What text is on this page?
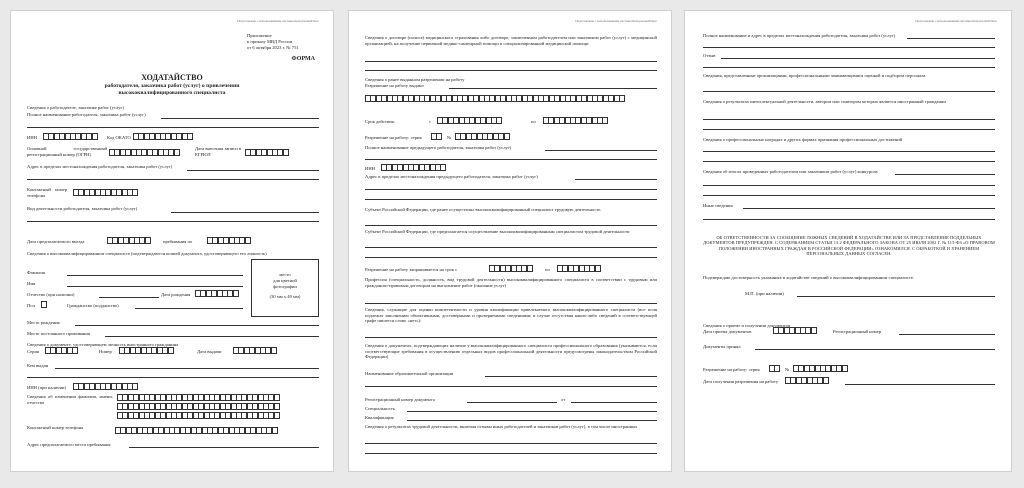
Подготовлено с использованием системы КонсультантПлюс
Приложение
к приказу МВД России
от 6 октября 2023 г. № 751
ФОРМА
ХОДАТАЙСТВО
работодателя, заказчика работ (услуг) о привлечении
высококвалифицированного специалиста
Сведения о работодателе, заказчике работ (услуг)
Полное наименование работодателя, заказчика работ (услуг)
ИНН	Код ОКАТО
Основной государственный регистрационный номер (ОГРН)
Дата внесения записи в ЕГРЮЛ
Адрес в пределах местонахождения работодателя, заказчика работ (услуг)
Контактный номер телефона
Вид деятельности работодателя, заказчика работ (услуг)
Дата предполагаемого въезда	пребывания по
Сведения о высококвалифицированном специалисте (подтверждаются копией документа, удостоверяющего его личность)
Фамилия
Имя
Отчество (при наличии)	Дата рождения
Пол	Гражданство (подданство)
место
для цветной
фотографии
(30 мм x 40 мм)
Место рождения
Место постоянного проживания
Сведения о документе, удостоверяющем личность иностранного гражданина
Серия	Номер	Дата выдачи
Кем выдан
ИНН (при наличии)
Сведения об изменении фамилии, имени, отчества
Контактный номер телефона
Адрес предполагаемого места пребывания
Подготовлено с использованием системы КонсультантПлюс
Сведения о договоре (полисе) медицинского страхования либо договоре, заключенном работодателем или заказчиком работ (услуг) с медицинской организацией, на получение первичной медико-санитарной помощи и специализированной медицинской помощи
Сведения о ранее выданном разрешении на работу
Разрешение на работу выдано
Срок действия:	с	по
Разрешение на работу: серия	№
Полное наименование предыдущего работодателя, заказчика работ (услуг)
ИНН
Адрес в пределах местонахождения предыдущего работодателя, заказчика работ (услуг)
Субъект Российской Федерации, где ранее осуществлял высококвалифицированный специалист трудовую деятельность
Субъект Российской Федерации, где предполагается осуществление высококвалифицированным специалистом трудовой деятельности
Разрешение на работу запрашивается на срок с	по
Профессия (специальность, должность, вид трудовой деятельности) высококвалифицированного специалиста в соответствии с трудовым или гражданско-правовым договором на выполнение работ (оказание услуг)
Сведения, служащие для оценки компетентности и уровня квалификации привлекаемого высококвалифицированного специалиста (все поля подлежат заполнению объективными, достоверными и проверяемыми сведениями; в случае отсутствия каких-либо сведений в соответствующей графе пишется слово «нет»):
Сведения о документах, подтверждающих наличие у высококвалифицированного специалиста профессионального образования (указываются, если соответствующие требования в осуществлению отдельных видов профессиональной деятельности предусмотрены законодательством Российской Федерации)
Наименование образовательной организации
Регистрационный номер документа	от
Специальность
Квалификация
Сведения о результатах трудовой деятельности, включая отзывы иных работодателей и заказчиков работ (услуг), в том числе иностранных
Подготовлено с использованием системы КонсультантПлюс
Полное наименование и адрес в пределах местонахождения работодателя, заказчика работ (услуг)
Отзыв
Сведения, представленные организациями, профессиональными занимающимися оценкой и подбором персонала
Сведения о результатах интеллектуальной деятельности, автором или соавтором которых является иностранный гражданин
Сведения о профессиональных наградах и других формах признания профессиональных достижений
Сведения об итогах проведенных работодателем или заказчиком работ (услуг) конкурсов
Иные сведения
ОБ ОТВЕТСТВЕННОСТИ ЗА СООБЩЕНИЕ ЛОЖНЫХ СВЕДЕНИЙ В ХОДАТАЙСТВЕ ИЛИ ЗА ПРЕДСТАВЛЕНИЕ ПОДДЕЛЬНЫХ ДОКУМЕНТОВ ПРЕДУПРЕЖДЕН. С СОДЕРЖАНИЕМ СТАТЬИ 13.2 ФЕДЕРАЛЬНОГО ЗАКОНА ОТ 25 ИЮЛЯ 2002 Г. № 115-ФЗ «О ПРАВОВОМ ПОЛОЖЕНИИ ИНОСТРАННЫХ ГРАЖДАН В РОССИЙСКОЙ ФЕДЕРАЦИИ» ОЗНАКОМИЛСЯ. С ОБРАБОТКОЙ И ХРАНЕНИЕМ ПЕРСОНАЛЬНЫХ ДАННЫХ СОГЛАСЕН.
Подтверждаю достоверность указанных в ходатайстве сведений о высококвалифицированном специалисте.
М.П. (при наличии)
Сведения о приеме и получении документов
Дата приема документов	Регистрационный номер
Документы принял
Разрешение на работу: серия	№
Дата получения разрешения на работу
